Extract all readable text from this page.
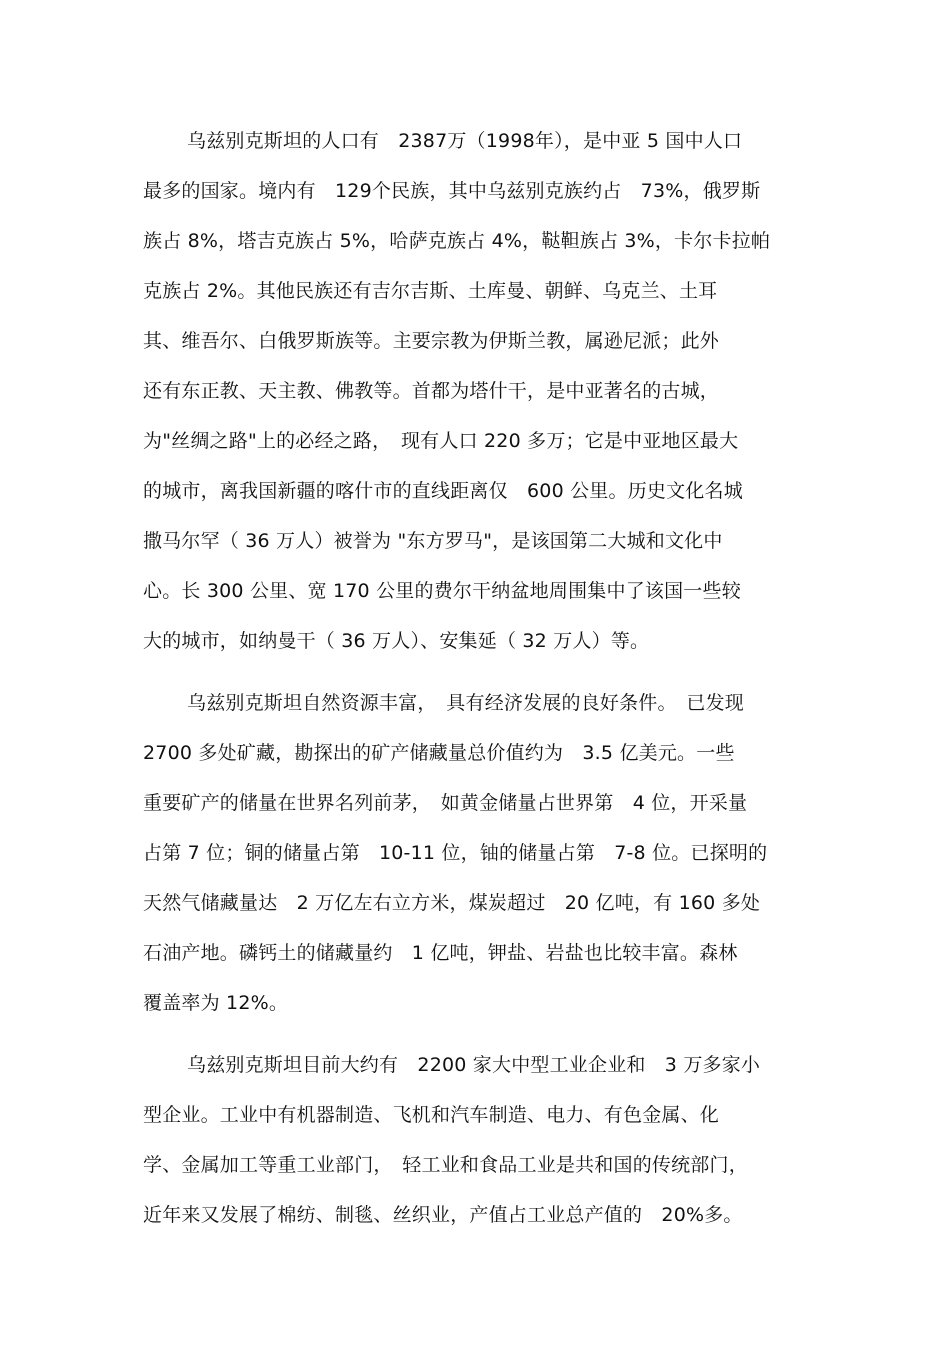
乌兹别克斯坦的人口有　2387万（1998年），是中亚 5 国中人口
最多的国家。境内有　129个民族，其中乌兹别克族约占　73%，俄罗斯
族占 8%，塔吉克族占 5%，哈萨克族占 4%，鞑靼族占 3%，卡尔卡拉帕
克族占 2%。其他民族还有吉尔吉斯、土库曼、朝鲜、乌克兰、土耳
其、维吾尔、白俄罗斯族等。主要宗教为伊斯兰教，属逊尼派；此外
还有东正教、天主教、佛教等。首都为塔什干，是中亚著名的古城，
为"丝绸之路"上的必经之路，　现有人口 220 多万；它是中亚地区最大
的城市，离我国新疆的喀什市的直线距离仅　600 公里。历史文化名城
撒马尔罕（ 36 万人）被誉为 "东方罗马"，是该国第二大城和文化中
心。长 300 公里、宽 170 公里的费尔干纳盆地周围集中了该国一些较
大的城市，如纳曼干（ 36 万人）、安集延（ 32 万人）等。
乌兹别克斯坦自然资源丰富，　具有经济发展的良好条件。　已发现
2700 多处矿藏，勘探出的矿产储藏量总价值约为　3.5 亿美元。一些
重要矿产的储量在世界名列前茅，　如黄金储量占世界第　4 位，开采量
占第 7 位；铜的储量占第　10-11 位，铀的储量占第　7-8 位。已探明的
天然气储藏量达　2 万亿左右立方米，煤炭超过　20 亿吨，有 160 多处
石油产地。磷钙土的储藏量约　1 亿吨，钾盐、岩盐也比较丰富。森林
覆盖率为 12%。
乌兹别克斯坦目前大约有　2200 家大中型工业企业和　3 万多家小
型企业。工业中有机器制造、飞机和汽车制造、电力、有色金属、化
学、金属加工等重工业部门，　轻工业和食品工业是共和国的传统部门，
近年来又发展了棉纺、制毯、丝织业，产值占工业总产值的　20%多。
